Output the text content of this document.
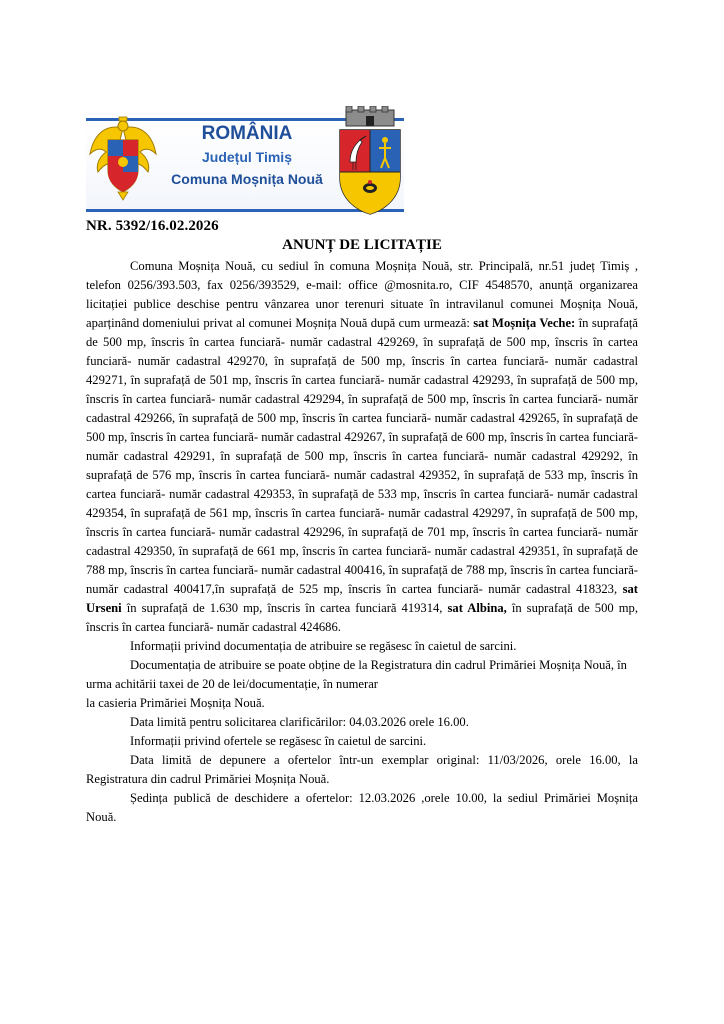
ROMÂNIA
Județul Timiș
Comuna Moșnița Nouă
NR. 5392/16.02.2026
ANUNȚ DE LICITAȚIE

Comuna Moșnița Nouă, cu sediul în comuna Moșnița Nouă, str. Principală, nr.51 județ Timiș , telefon 0256/393.503, fax 0256/393529, e-mail: office @mosnita.ro, CIF 4548570, anunță organizarea licitației publice deschise pentru vânzarea unor terenuri situate în intravilanul comunei Moșnița Nouă, aparținând domeniului privat al comunei Moșnița Nouă după cum urmează: sat Moșnița Veche: în suprafață de 500 mp, înscris în cartea funciară- număr cadastral 429269, în suprafață de 500 mp, înscris în cartea funciară- număr cadastral 429270, în suprafață de 500 mp, înscris în cartea funciară- număr cadastral 429271, în suprafață de 501 mp, înscris în cartea funciară- număr cadastral 429293, în suprafață de 500 mp, înscris în cartea funciară- număr cadastral 429294, în suprafață de 500 mp, înscris în cartea funciară- număr cadastral 429266, în suprafață de 500 mp, înscris în cartea funciară- număr cadastral 429265, în suprafață de 500 mp, înscris în cartea funciară- număr cadastral 429267, în suprafață de 600 mp, înscris în cartea funciară- număr cadastral 429291, în suprafață de 500 mp, înscris în cartea funciară- număr cadastral 429292, în suprafață de 576 mp, înscris în cartea funciară- număr cadastral 429352, în suprafață de 533 mp, înscris în cartea funciară- număr cadastral 429353, în suprafață de 533 mp, înscris în cartea funciară- număr cadastral 429354, în suprafață de 561 mp, înscris în cartea funciară- număr cadastral 429297, în suprafață de 500 mp, înscris în cartea funciară- număr cadastral 429296, în suprafață de 701 mp, înscris în cartea funciară- număr cadastral 429350, în suprafață de 661 mp, înscris în cartea funciară- număr cadastral 429351, în suprafață de 788 mp, înscris în cartea funciară- număr cadastral 400416, în suprafață de 788 mp, înscris în cartea funciară- număr cadastral 400417,în suprafață de 525 mp, înscris în cartea funciară- număr cadastral 418323, sat Urseni în suprafață de 1.630 mp, înscris în cartea funciară 419314, sat Albina, în suprafață de 500 mp, înscris în cartea funciară- număr cadastral 424686.

Informații privind documentația de atribuire se regăsesc în caietul de sarcini.

Documentația de atribuire se poate obține de la Registratura din cadrul Primăriei Moșnița Nouă, în urma achitării taxei de 20 de lei/documentație, în numerar
la casieria Primăriei Moșnița Nouă.

Data limită pentru solicitarea clarificărilor: 04.03.2026 orele 16.00.

Informații privind ofertele se regăsesc în caietul de sarcini.

Data limită de depunere a ofertelor într-un exemplar original: 11/03/2026, orele 16.00, la Registratura din cadrul Primăriei Moșnița Nouă.

Ședința publică de deschidere a ofertelor: 12.03.2026 ,orele 10.00, la sediul Primăriei Moșnița Nouă.
